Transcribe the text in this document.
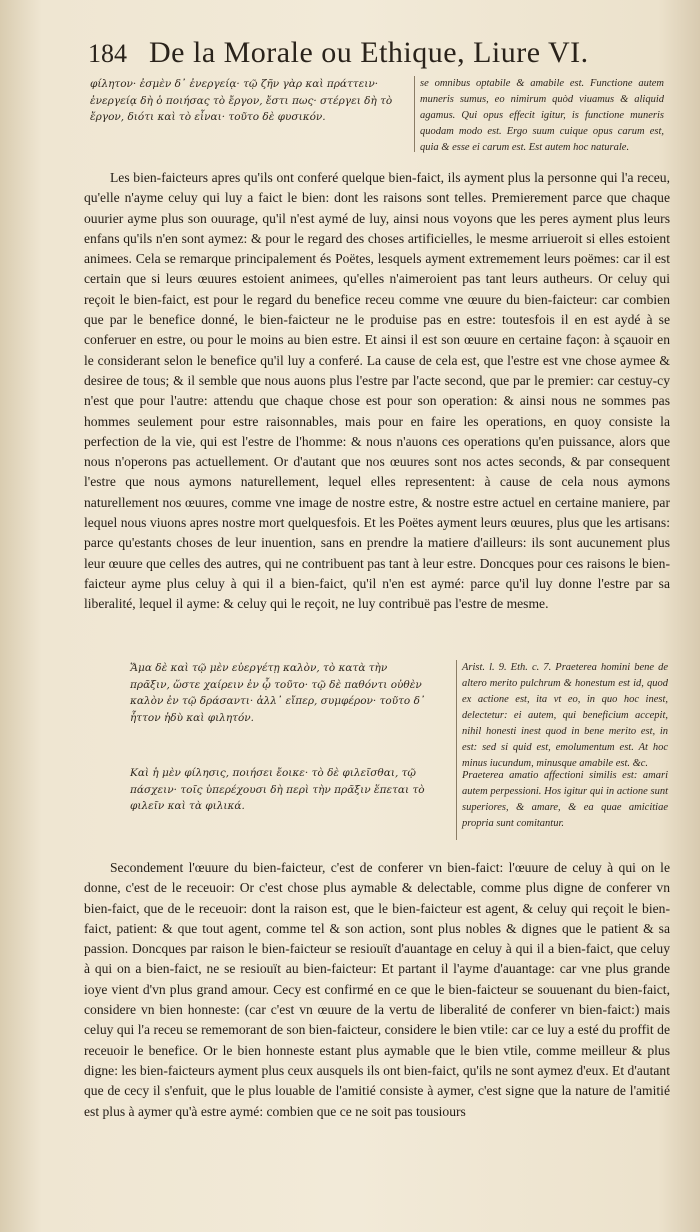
184 De la Morale ou Ethique, Liure VI.

φίλητον· ἐσμὲν δ᾽ ἐνεργείᾳ· τῷ ζῆν γὰρ καὶ πράττειν· ἐνεργείᾳ δὴ ὁ ποιήσας τὸ ἔργον, ἔστι πως· στέργει δὴ τὸ ἔργον, διότι καὶ τὸ εἶναι· τοῦτο δὲ φυσικόν.

se omnibus optabile & amabile est. Functione autem muneris sumus, eo nimirum quòd viuamus & aliquid agamus. Qui opus effecit igitur, is functione muneris quodam modo est. Ergo suum cuique opus carum est, quia & esse ei carum est. Est autem hoc naturale.

Les bien-faicteurs apres qu'ils ont conferé quelque bien-faict, ils ayment plus la personne qui l'a receu, qu'elle n'ayme celuy qui luy a faict le bien: dont les raisons sont telles. Premierement parce que chaque ouurier ayme plus son ouurage, qu'il n'est aymé de luy, ainsi nous voyons que les peres ayment plus leurs enfans qu'ils n'en sont aymez: & pour le regard des choses artificielles, le mesme arriueroit si elles estoient animees. Cela se remarque principalement és Poëtes, lesquels ayment extremement leurs poëmes: car il est certain que si leurs œuures estoient animees, qu'elles n'aimeroient pas tant leurs autheurs. Or celuy qui reçoit le bien-faict, est pour le regard du benefice receu comme vne œuure du bien-faicteur: car combien que par le benefice donné, le bien-faicteur ne le produise pas en estre: toutesfois il en est aydé à se conferuer en estre, ou pour le moins au bien estre. Et ainsi il est son œuure en certaine façon: à sçauoir en le considerant selon le benefice qu'il luy a conferé. La cause de cela est, que l'estre est vne chose aymee & desiree de tous; & il semble que nous auons plus l'estre par l'acte second, que par le premier: car cestuy-cy n'est que pour l'autre: attendu que chaque chose est pour son operation: & ainsi nous ne sommes pas hommes seulement pour estre raisonnables, mais pour en faire les operations, en quoy consiste la perfection de la vie, qui est l'estre de l'homme: & nous n'auons ces operations qu'en puissance, alors que nous n'operons pas actuellement. Or d'autant que nos œuures sont nos actes seconds, & par consequent l'estre que nous aymons naturellement, lequel elles representent: à cause de cela nous aymons naturellement nos œuures, comme vne image de nostre estre, & nostre estre actuel en certaine maniere, par lequel nous viuons apres nostre mort quelquesfois. Et les Poëtes ayment leurs œuures, plus que les artisans: parce qu'estants choses de leur inuention, sans en prendre la matiere d'ailleurs: ils sont aucunement plus leur œuure que celles des autres, qui ne contribuent pas tant à leur estre. Doncques pour ces raisons le bien-faicteur ayme plus celuy à qui il a bien-faict, qu'il n'en est aymé: parce qu'il luy donne l'estre par sa liberalité, lequel il ayme: & celuy qui le reçoit, ne luy contribuë pas l'estre de mesme.

Ἅμα δὲ καὶ τῷ μὲν εὐεργέτῃ καλὸν, τὸ κατὰ τὴν πρᾶξιν, ὥστε χαίρειν ἐν ᾧ τοῦτο· τῷ δὲ παθόντι οὐθὲν καλὸν ἐν τῷ δράσαντι· ἀλλ᾽ εἴπερ, συμφέρον· τοῦτο δ᾽ ἧττον ἡδὺ καὶ φιλητόν.

Καὶ ἡ μὲν φίλησις, ποιήσει ἔοικε· τὸ δὲ φιλεῖσθαι, τῷ πάσχειν· τοῖς ὑπερέχουσι δὴ περὶ τὴν πρᾶξιν ἕπεται τὸ φιλεῖν καὶ τὰ φιλικά.

Arist. l. 9. Eth. c. 7. Praeterea homini bene de altero merito pulchrum & honestum est id, quod ex actione est, ita vt eo, in quo hoc inest, delectetur: ei autem, qui beneficium accepit, nihil honesti inest quod in bene merito est, in est: sed si quid est, emolumentum est. At hoc minus iucundum, minusque amabile est. &c.

Praeterea amatio affectioni similis est: amari autem perpessioni. Hos igitur qui in actione sunt superiores, & amare, & ea quae amicitiae propria sunt comitantur.

Secondement l'œuure du bien-faicteur, c'est de conferer vn bien-faict: l'œuure de celuy à qui on le donne, c'est de le receuoir: Or c'est chose plus aymable & delectable, comme plus digne de conferer vn bien-faict, que de le receuoir: dont la raison est, que le bien-faicteur est agent, & celuy qui reçoit le bien-faict, patient: & que tout agent, comme tel & son action, sont plus nobles & dignes que le patient & sa passion. Doncques par raison le bien-faicteur se resiouït d'auantage en celuy à qui il a bien-faict, que celuy à qui on a bien-faict, ne se resiouït au bien-faicteur: Et partant il l'ayme d'auantage: car vne plus grande ioye vient d'vn plus grand amour. Cecy est confirmé en ce que le bien-faicteur se souuenant du bien-faict, considere vn bien honneste: (car c'est vn œuure de la vertu de liberalité de conferer vn bien-faict:) mais celuy qui l'a receu se rememorant de son bien-faicteur, considere le bien vtile: car ce luy a esté du proffit de receuoir le benefice. Or le bien honneste estant plus aymable que le bien vtile, comme meilleur & plus digne: les bien-faicteurs ayment plus ceux ausquels ils ont bien-faict, qu'ils ne sont aymez d'eux. Et d'autant que de cecy il s'enfuit, que le plus louable de l'amitié consiste à aymer, c'est signe que la nature de l'amitié est plus à aymer qu'à estre aymé: combien que ce ne soit pas tousiours
